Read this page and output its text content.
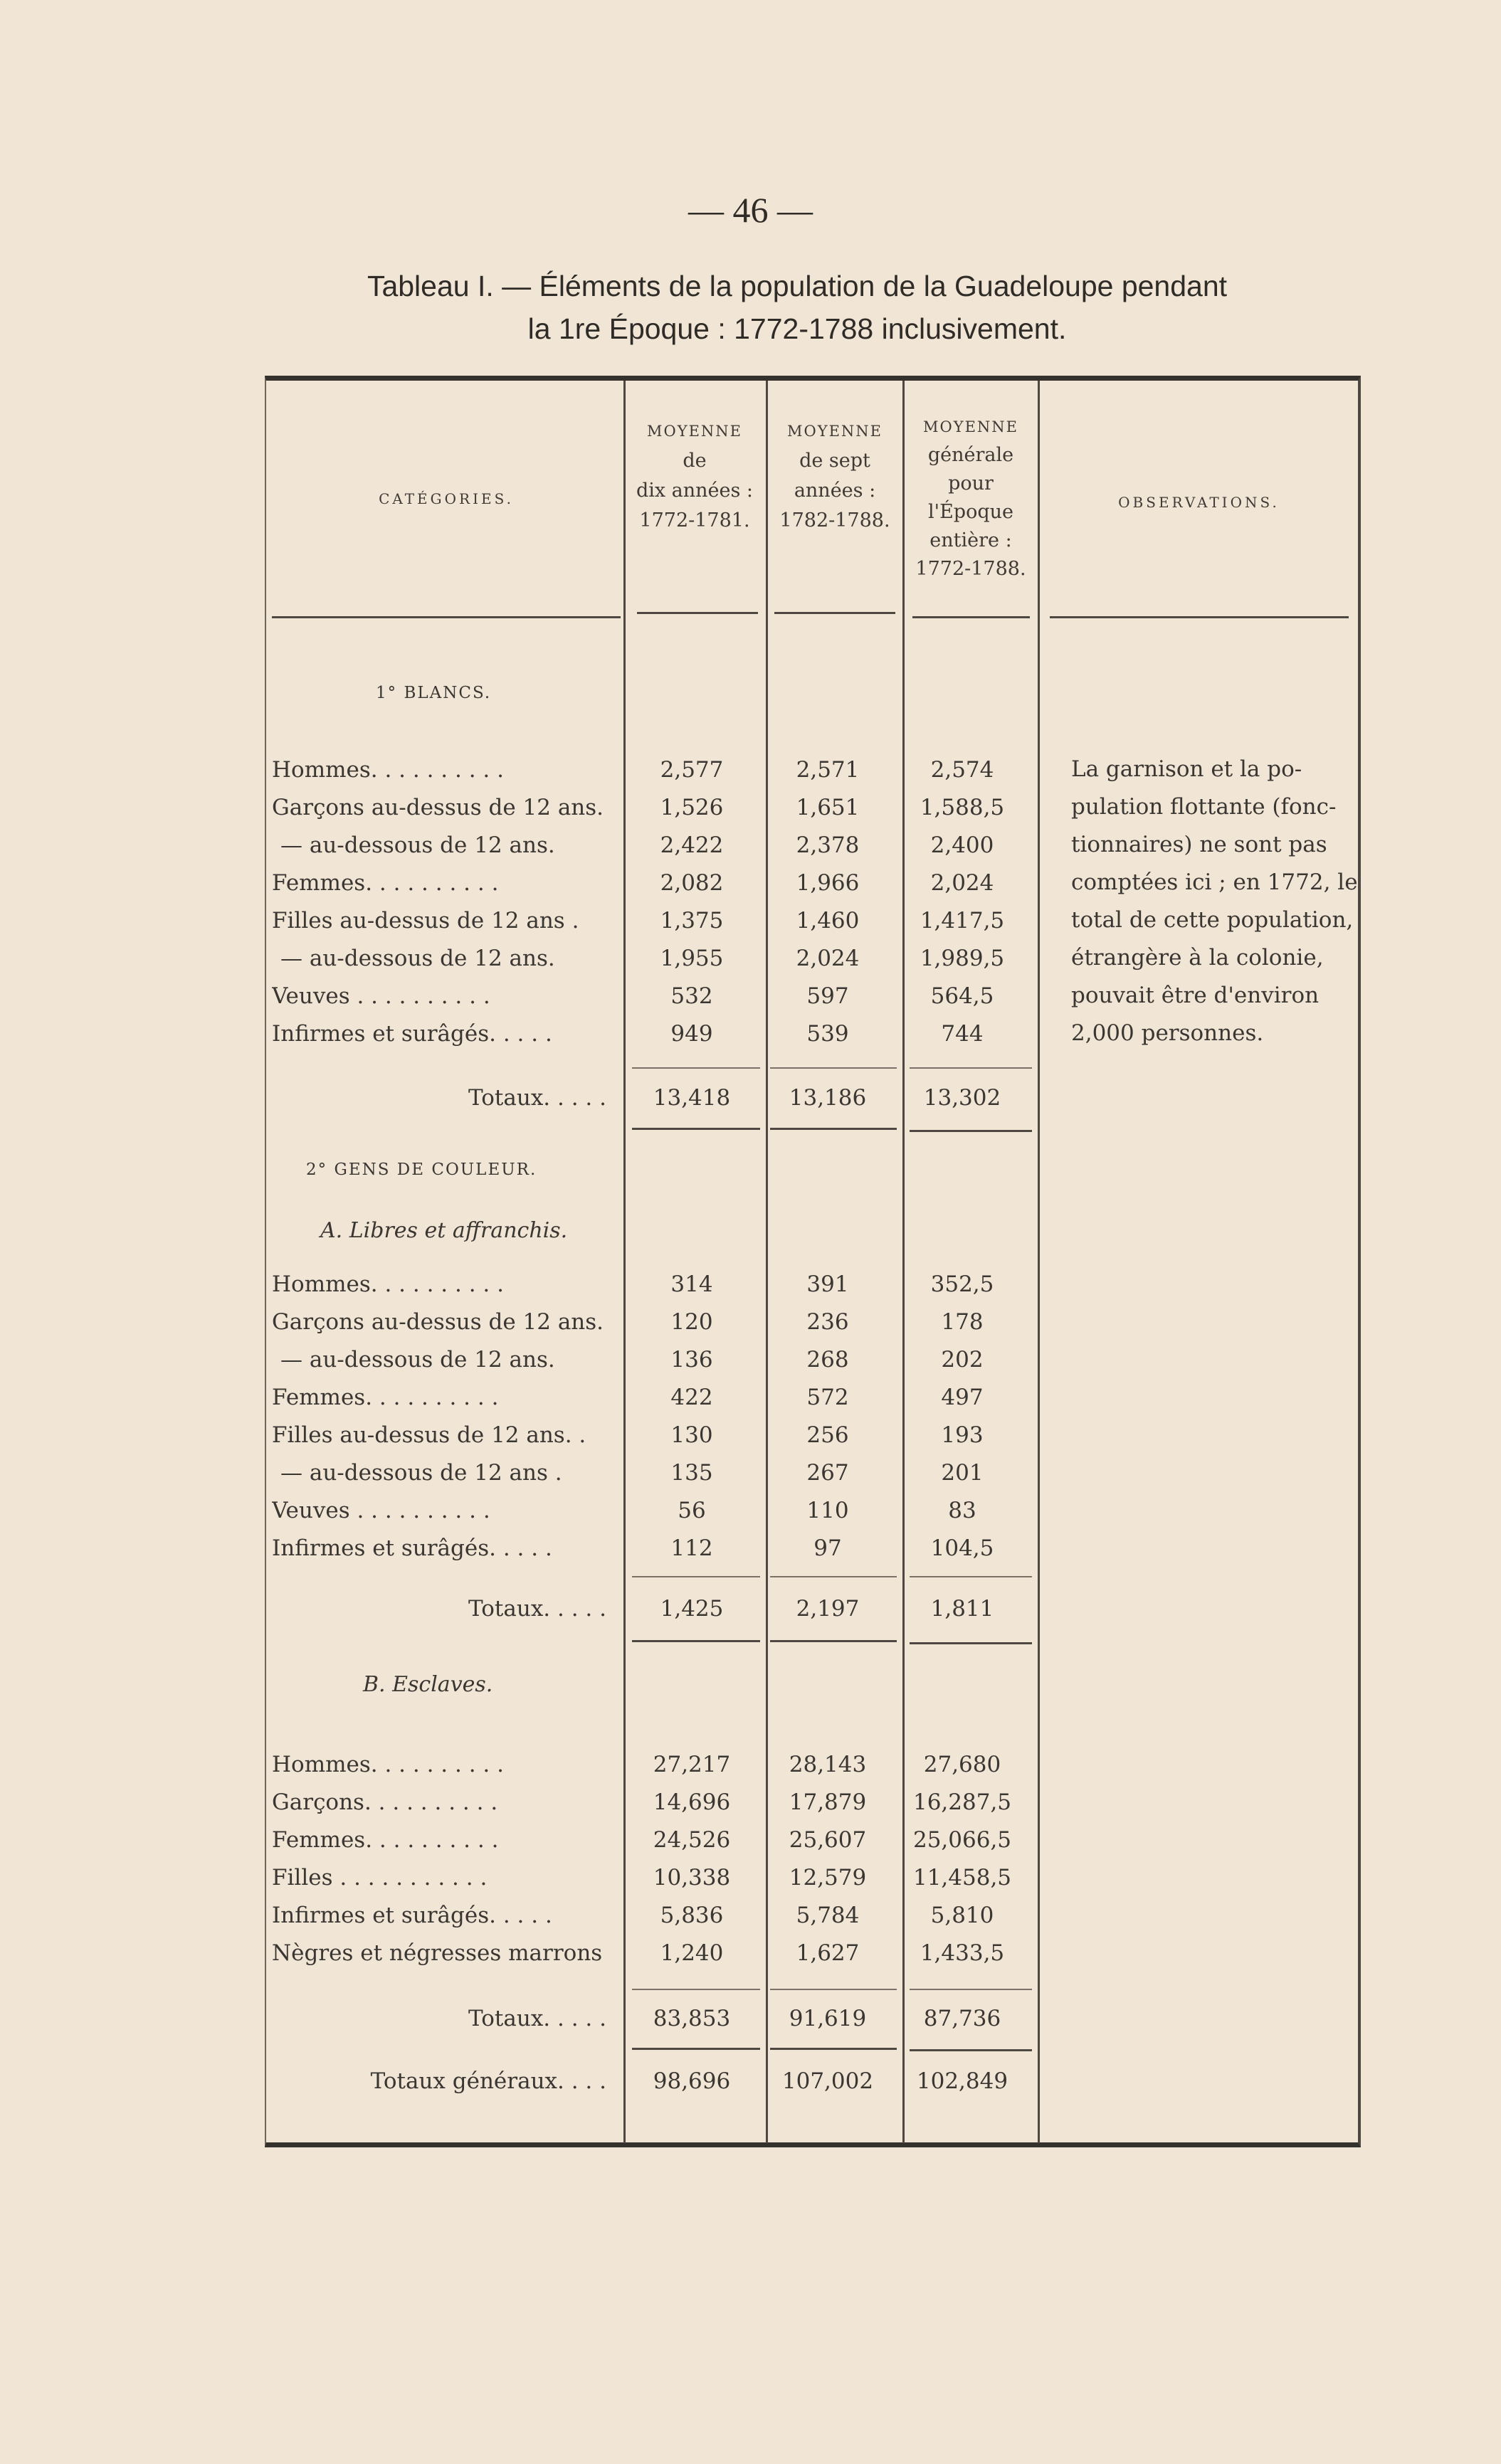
— 46 —
Tableau I. — Éléments de la population de la Guadeloupe pendant
la 1re Époque : 1772-1788 inclusivement.
CATÉGORIES.
MOYENNE
de
dix années :
1772-1781.
MOYENNE
de sept
années :
1782-1788.
MOYENNE
générale
pour
l'Époque
entière :
1772-1788.
OBSERVATIONS.
1° BLANCS.
Hommes. . . . . . . . . .	2,577	2,571	2,574
Garçons au-dessus de 12 ans.	1,526	1,651	1,588,5
— au-dessous de 12 ans.	2,422	2,378	2,400
Femmes. . . . . . . . . .	2,082	1,966	2,024
Filles au-dessus de 12 ans .	1,375	1,460	1,417,5
— au-dessous de 12 ans.	1,955	2,024	1,989,5
Veuves . . . . . . . . . .	532	597	564,5
Infirmes et surâgés. . . . .	949	539	744
Totaux. . . . .	13,418	13,186	13,302
2° GENS DE COULEUR.
A. Libres et affranchis.
Hommes. . . . . . . . . .	314	391	352,5
Garçons au-dessus de 12 ans.	120	236	178
— au-dessous de 12 ans.	136	268	202
Femmes. . . . . . . . . .	422	572	497
Filles au-dessus de 12 ans. .	130	256	193
— au-dessous de 12 ans .	135	267	201
Veuves . . . . . . . . . .	56	110	83
Infirmes et surâgés. . . . .	112	97	104,5
Totaux. . . . .	1,425	2,197	1,811
B. Esclaves.
Hommes. . . . . . . . . .	27,217	28,143	27,680
Garçons. . . . . . . . . .	14,696	17,879	16,287,5
Femmes. . . . . . . . . .	24,526	25,607	25,066,5
Filles . . . . . . . . . . .	10,338	12,579	11,458,5
Infirmes et surâgés. . . . .	5,836	5,784	5,810
Nègres et négresses marrons	1,240	1,627	1,433,5
Totaux. . . . .	83,853	91,619	87,736
Totaux généraux. . . .	98,696	107,002	102,849
La garnison et la po-
pulation flottante (fonc-
tionnaires) ne sont pas
comptées ici ; en 1772, le
total de cette population,
étrangère à la colonie,
pouvait être d'environ
2,000 personnes.
